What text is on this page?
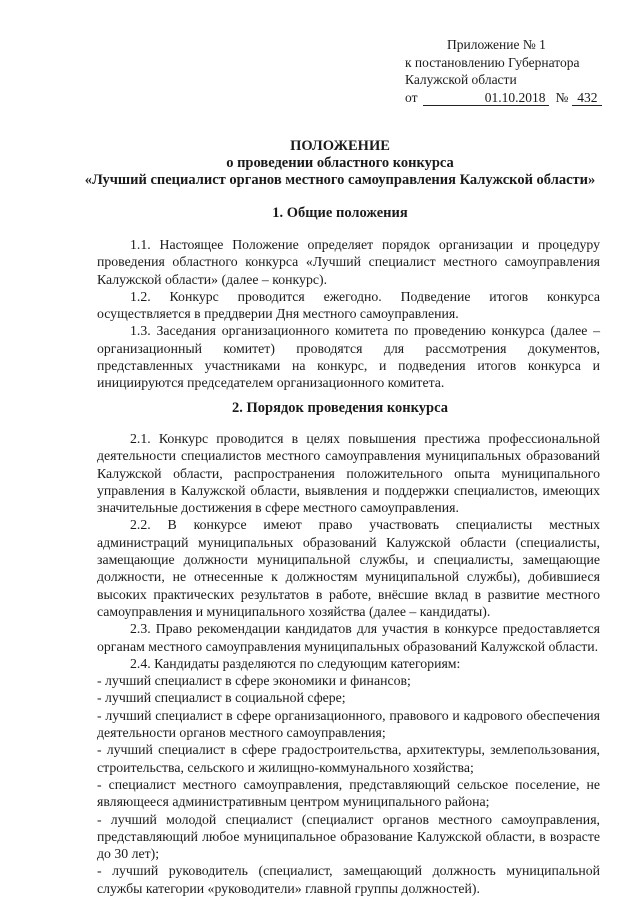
Приложение № 1
к постановлению Губернатора
Калужской области
от	01.10.2018 № 432
ПОЛОЖЕНИЕ
о проведении областного конкурса
«Лучший специалист органов местного самоуправления Калужской области»
1. Общие положения

1.1. Настоящее Положение определяет порядок организации и процедуру проведения областного конкурса «Лучший специалист местного самоуправления Калужской области» (далее – конкурс).

1.2. Конкурс проводится ежегодно. Подведение итогов конкурса осуществляется в преддверии Дня местного самоуправления.

1.3. Заседания организационного комитета по проведению конкурса (далее – организационный комитет) проводятся для рассмотрения документов, представленных участниками на конкурс, и подведения итогов конкурса и инициируются председателем организационного комитета.

2. Порядок проведения конкурса

2.1. Конкурс проводится в целях повышения престижа профессиональной деятельности специалистов местного самоуправления муниципальных образований Калужской области, распространения положительного опыта муниципального управления в Калужской области, выявления и поддержки специалистов, имеющих значительные достижения в сфере местного самоуправления.

2.2. В конкурсе имеют право участвовать специалисты местных администраций муниципальных образований Калужской области (специалисты, замещающие должности муниципальной службы, и специалисты, замещающие должности, не отнесенные к должностям муниципальной службы), добившиеся высоких практических результатов в работе, внёсшие вклад в развитие местного самоуправления и муниципального хозяйства (далее – кандидаты).

2.3. Право рекомендации кандидатов для участия в конкурсе предоставляется органам местного самоуправления муниципальных образований Калужской области.

2.4. Кандидаты разделяются по следующим категориям:

- лучший специалист в сфере экономики и финансов;

- лучший специалист в социальной сфере;

- лучший специалист в сфере организационного, правового и кадрового обеспечения деятельности органов местного самоуправления;

- лучший специалист в сфере градостроительства, архитектуры, землепользования, строительства, сельского и жилищно-коммунального хозяйства;

- специалист местного самоуправления, представляющий сельское поселение, не являющееся административным центром муниципального района;

- лучший молодой специалист (специалист органов местного самоуправления, представляющий любое муниципальное образование Калужской области, в возрасте до 30 лет);

- лучший руководитель (специалист, замещающий должность муниципальной службы категории «руководители» главной группы должностей).
